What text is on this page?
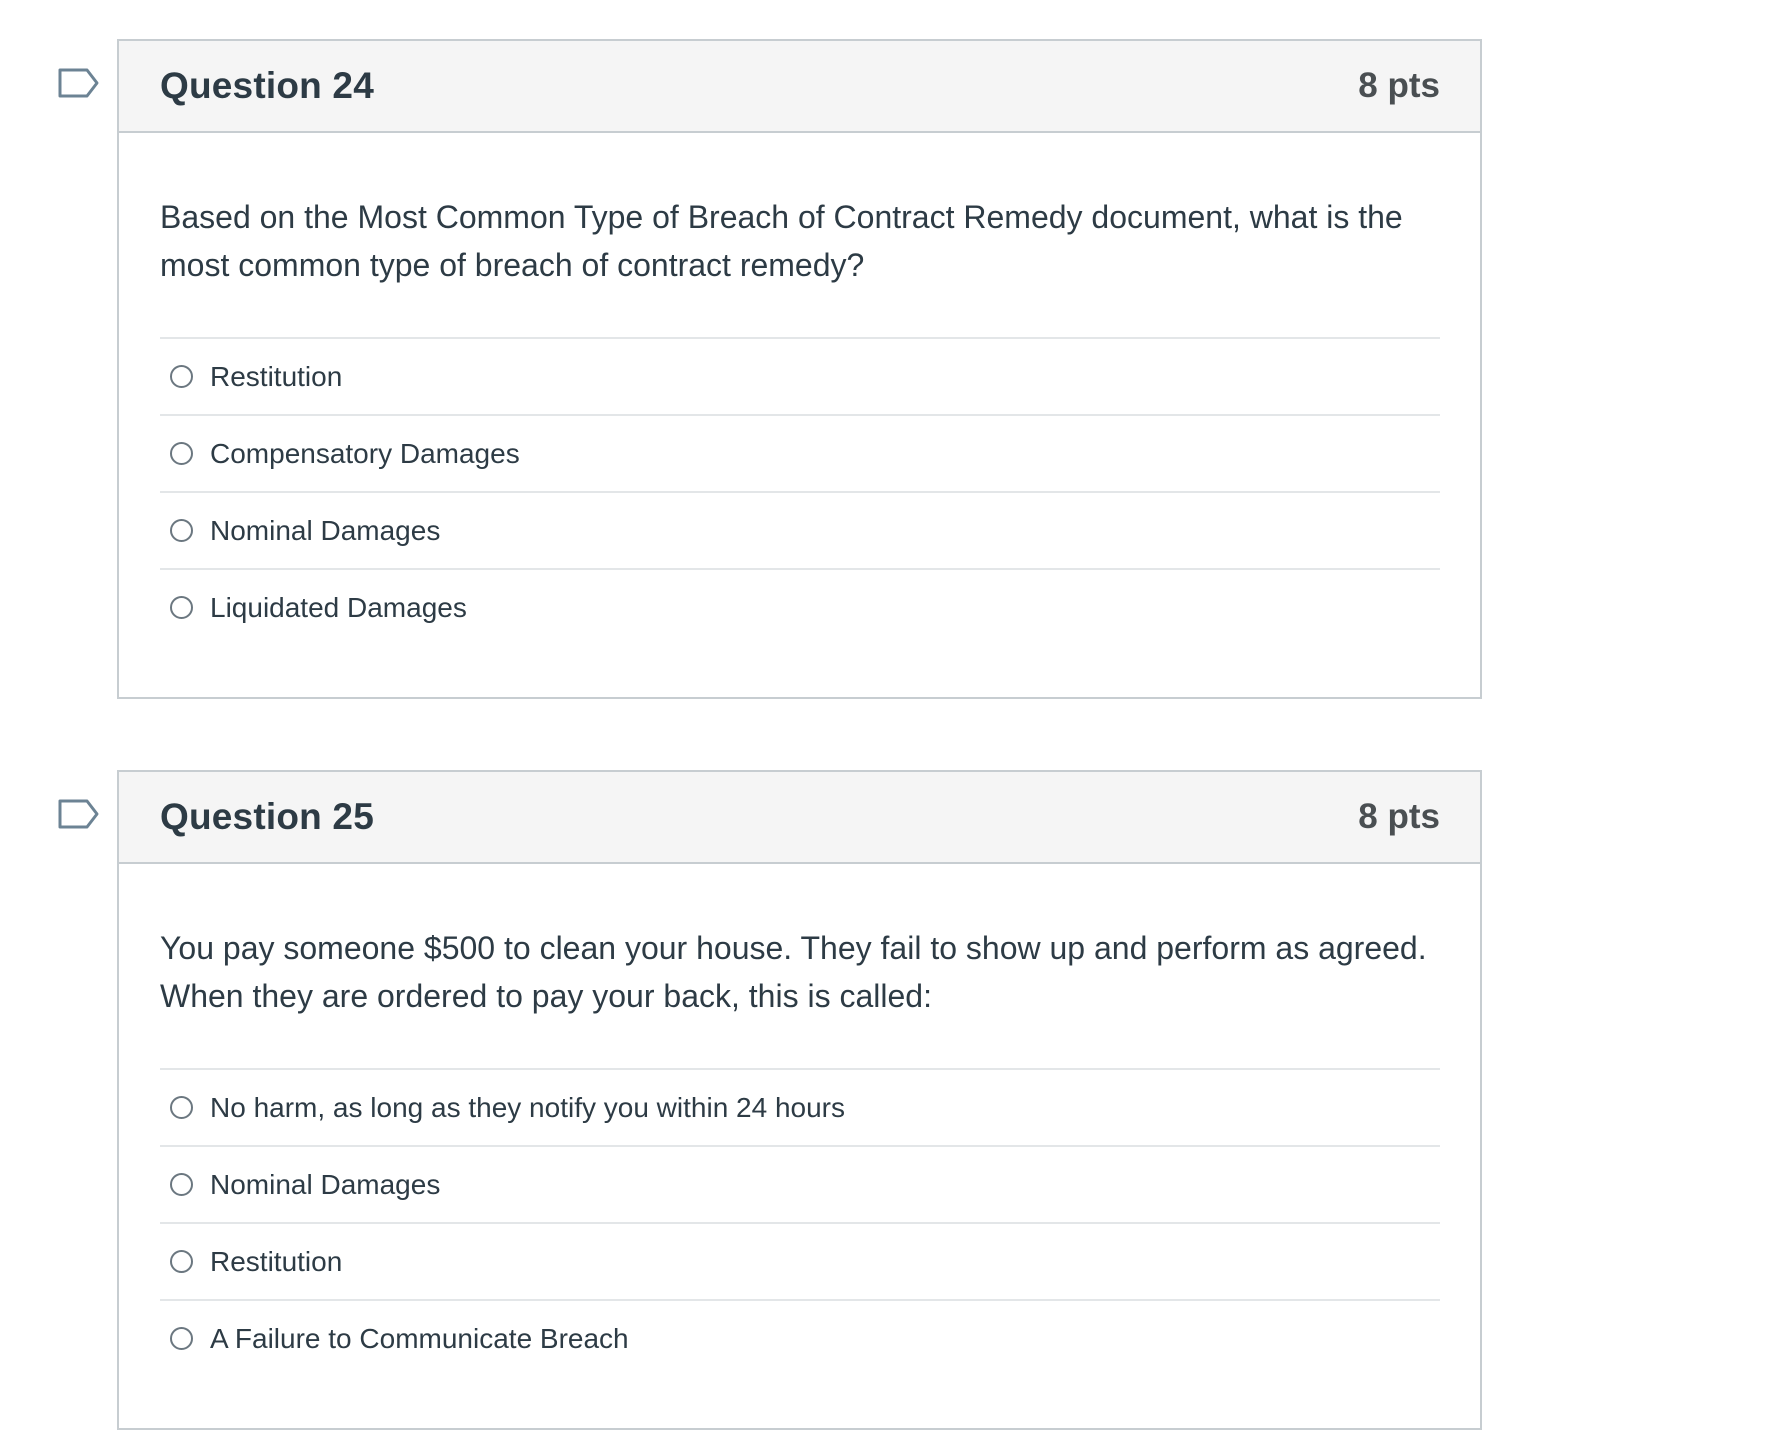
Question 24	8 pts
Based on the Most Common Type of Breach of Contract Remedy document, what is the
most common type of breach of contract remedy?
Restitution
Compensatory Damages
Nominal Damages
Liquidated Damages
Question 25	8 pts
You pay someone $500 to clean your house. They fail to show up and perform as agreed.
When they are ordered to pay your back, this is called:
No harm, as long as they notify you within 24 hours
Nominal Damages
Restitution
A Failure to Communicate Breach
